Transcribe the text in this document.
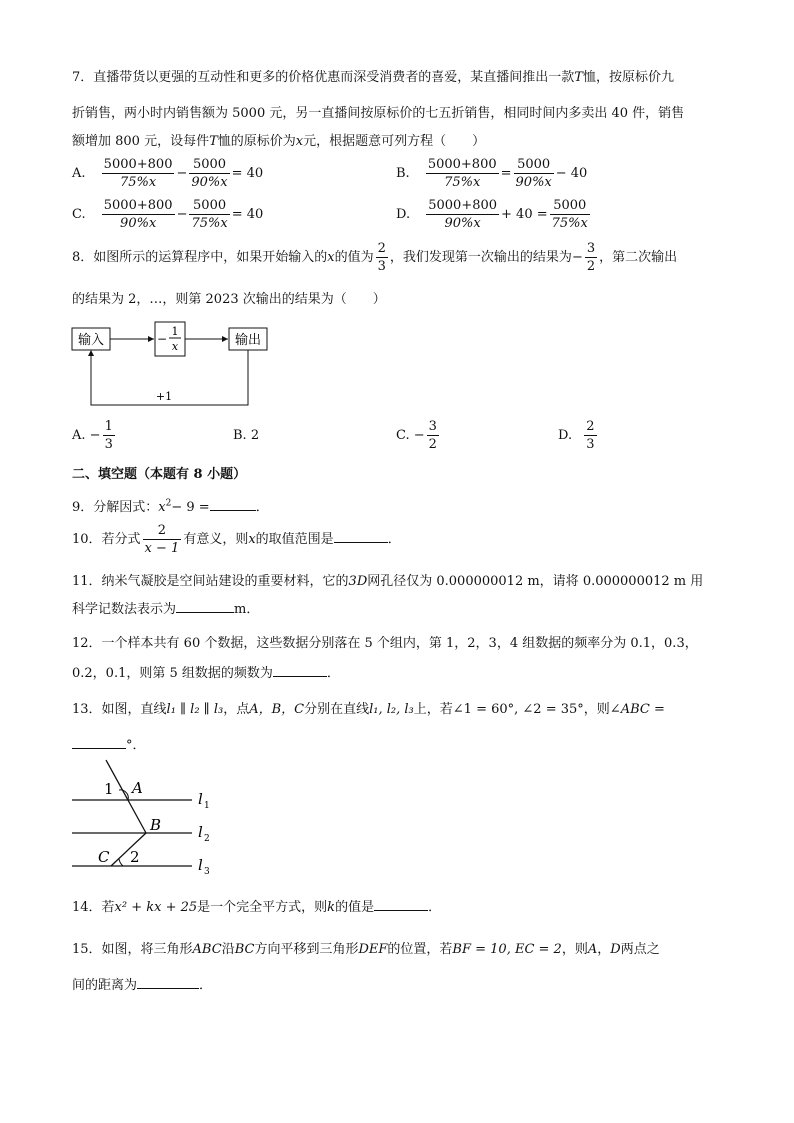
7．直播带货以更强的互动性和更多的价格优惠而深受消费者的喜爱，某直播间推出一款T恤，按原标价九
折销售，两小时内销售额为 5000 元，另一直播间按原标价的七五折销售，相同时间内多卖出 40 件，销售
额增加 800 元，设每件T恤的原标价为x元，根据题意可列方程（　　）
A. $\frac{5000+800}{75\%x} - \frac{5000}{90\%x} = 40$	B. $\frac{5000+800}{75\%x} = \frac{5000}{90\%x} - 40$
C. $\frac{5000+800}{90\%x} - \frac{5000}{75\%x} = 40$	D. $\frac{5000+800}{90\%x} + 40 = \frac{5000}{75\%x}$
8．如图所示的运算程序中，如果开始输入的x的值为 $\frac{2}{3}$ ，我们发现第一次输出的结果为− $\frac{3}{2}$ ，第二次输出
的结果为 2，…，则第 2023 次输出的结果为（　　）
输入	−
1
x	输出
+1
A. − $\frac{1}{3}$	B. 2	C. − $\frac{3}{2}$	D. $\frac{2}{3}$
二、填空题（本题有 8 小题）
9．分解因式：$x^2- 9$ =	．
10．若分式 $\frac{2}{x - 1}$ 有意义，则x的取值范围是	．
11．纳米气凝胶是空间站建设的重要材料，它的3D网孔径仅为 0.000000012 m，请将 0.000000012 m 用
科学记数法表示为	m．
12．一个样本共有 60 个数据，这些数据分别落在 5 个组内，第 1，2，3，4 组数据的频率分为 0.1，0.3，
0.2，0.1，则第 5 组数据的频数为	．
13．如图，直线l₁ ∥ l₂ ∥ l₃，点A，B，C分别在直线l₁, l₂, l₃上，若∠1 = 60°, ∠2 = 35°，则∠ABC =
°．
1 A
B
C 2
l 1
l 2
l 3
14．若x² + kx + 25是一个完全平方式，则k的值是	．
15．如图，将三角形ABC沿BC方向平移到三角形DEF的位置，若BF = 10, EC = 2，则A，D两点之
间的距离为	．
